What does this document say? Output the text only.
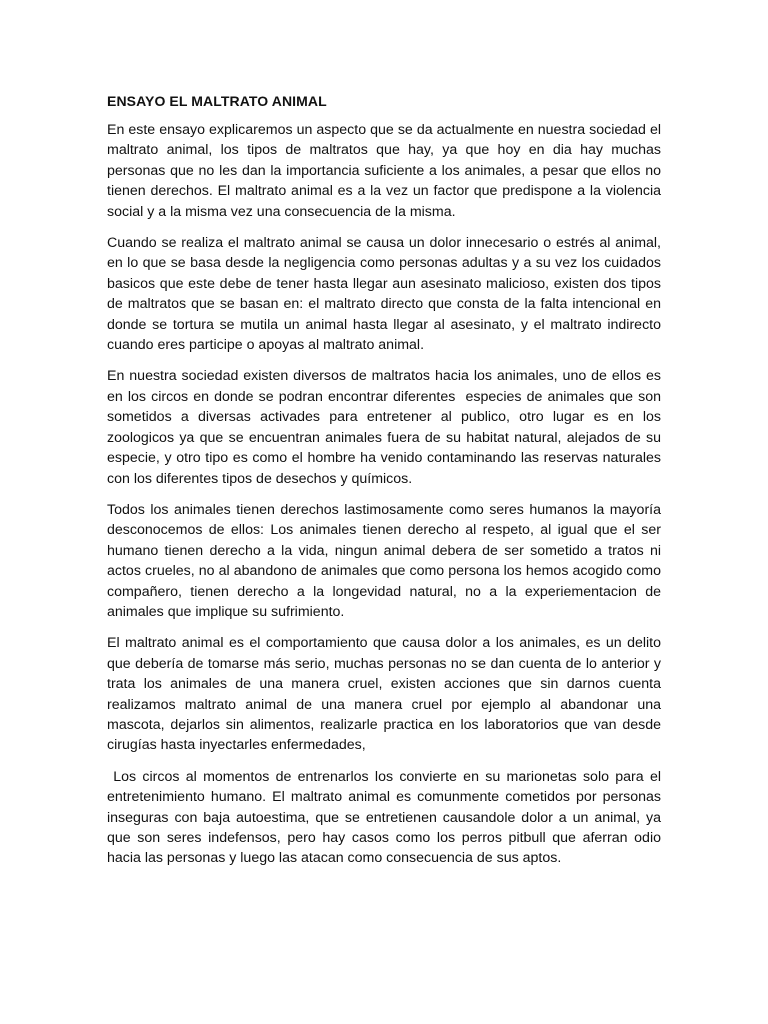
ENSAYO EL MALTRATO ANIMAL

En este ensayo explicaremos un aspecto que se da actualmente en nuestra sociedad el maltrato animal, los tipos de maltratos que hay, ya que hoy en dia hay muchas personas que no les dan la importancia suficiente a los animales, a pesar que ellos no tienen derechos. El maltrato animal es a la vez un factor que predispone a la violencia social y a la misma vez una consecuencia de la misma.

Cuando se realiza el maltrato animal se causa un dolor innecesario o estrés al animal, en lo que se basa desde la negligencia como personas adultas y a su vez los cuidados basicos que este debe de tener hasta llegar aun asesinato malicioso, existen dos tipos de maltratos que se basan en: el maltrato directo que consta de la falta intencional en donde se tortura se mutila un animal hasta llegar al asesinato, y el maltrato indirecto cuando eres participe o apoyas al maltrato animal.

En nuestra sociedad existen diversos de maltratos hacia los animales, uno de ellos es en los circos en donde se podran encontrar diferentes  especies de animales que son sometidos a diversas activades para entretener al publico, otro lugar es en los zoologicos ya que se encuentran animales fuera de su habitat natural, alejados de su especie, y otro tipo es como el hombre ha venido contaminando las reservas naturales con los diferentes tipos de desechos y químicos.

Todos los animales tienen derechos lastimosamente como seres humanos la mayoría desconocemos de ellos: Los animales tienen derecho al respeto, al igual que el ser humano tienen derecho a la vida, ningun animal debera de ser sometido a tratos ni actos crueles, no al abandono de animales que como persona los hemos acogido como compañero, tienen derecho a la longevidad natural, no a la experiementacion de animales que implique su sufrimiento.

El maltrato animal es el comportamiento que causa dolor a los animales, es un delito que debería de tomarse más serio, muchas personas no se dan cuenta de lo anterior y trata los animales de una manera cruel, existen acciones que sin darnos cuenta realizamos maltrato animal de una manera cruel por ejemplo al abandonar una mascota, dejarlos sin alimentos, realizarle practica en los laboratorios que van desde cirugías hasta inyectarles enfermedades,

Los circos al momentos de entrenarlos los convierte en su marionetas solo para el entretenimiento humano. El maltrato animal es comunmente cometidos por personas inseguras con baja autoestima, que se entretienen causandole dolor a un animal, ya que son seres indefensos, pero hay casos como los perros pitbull que aferran odio hacia las personas y luego las atacan como consecuencia de sus aptos.
